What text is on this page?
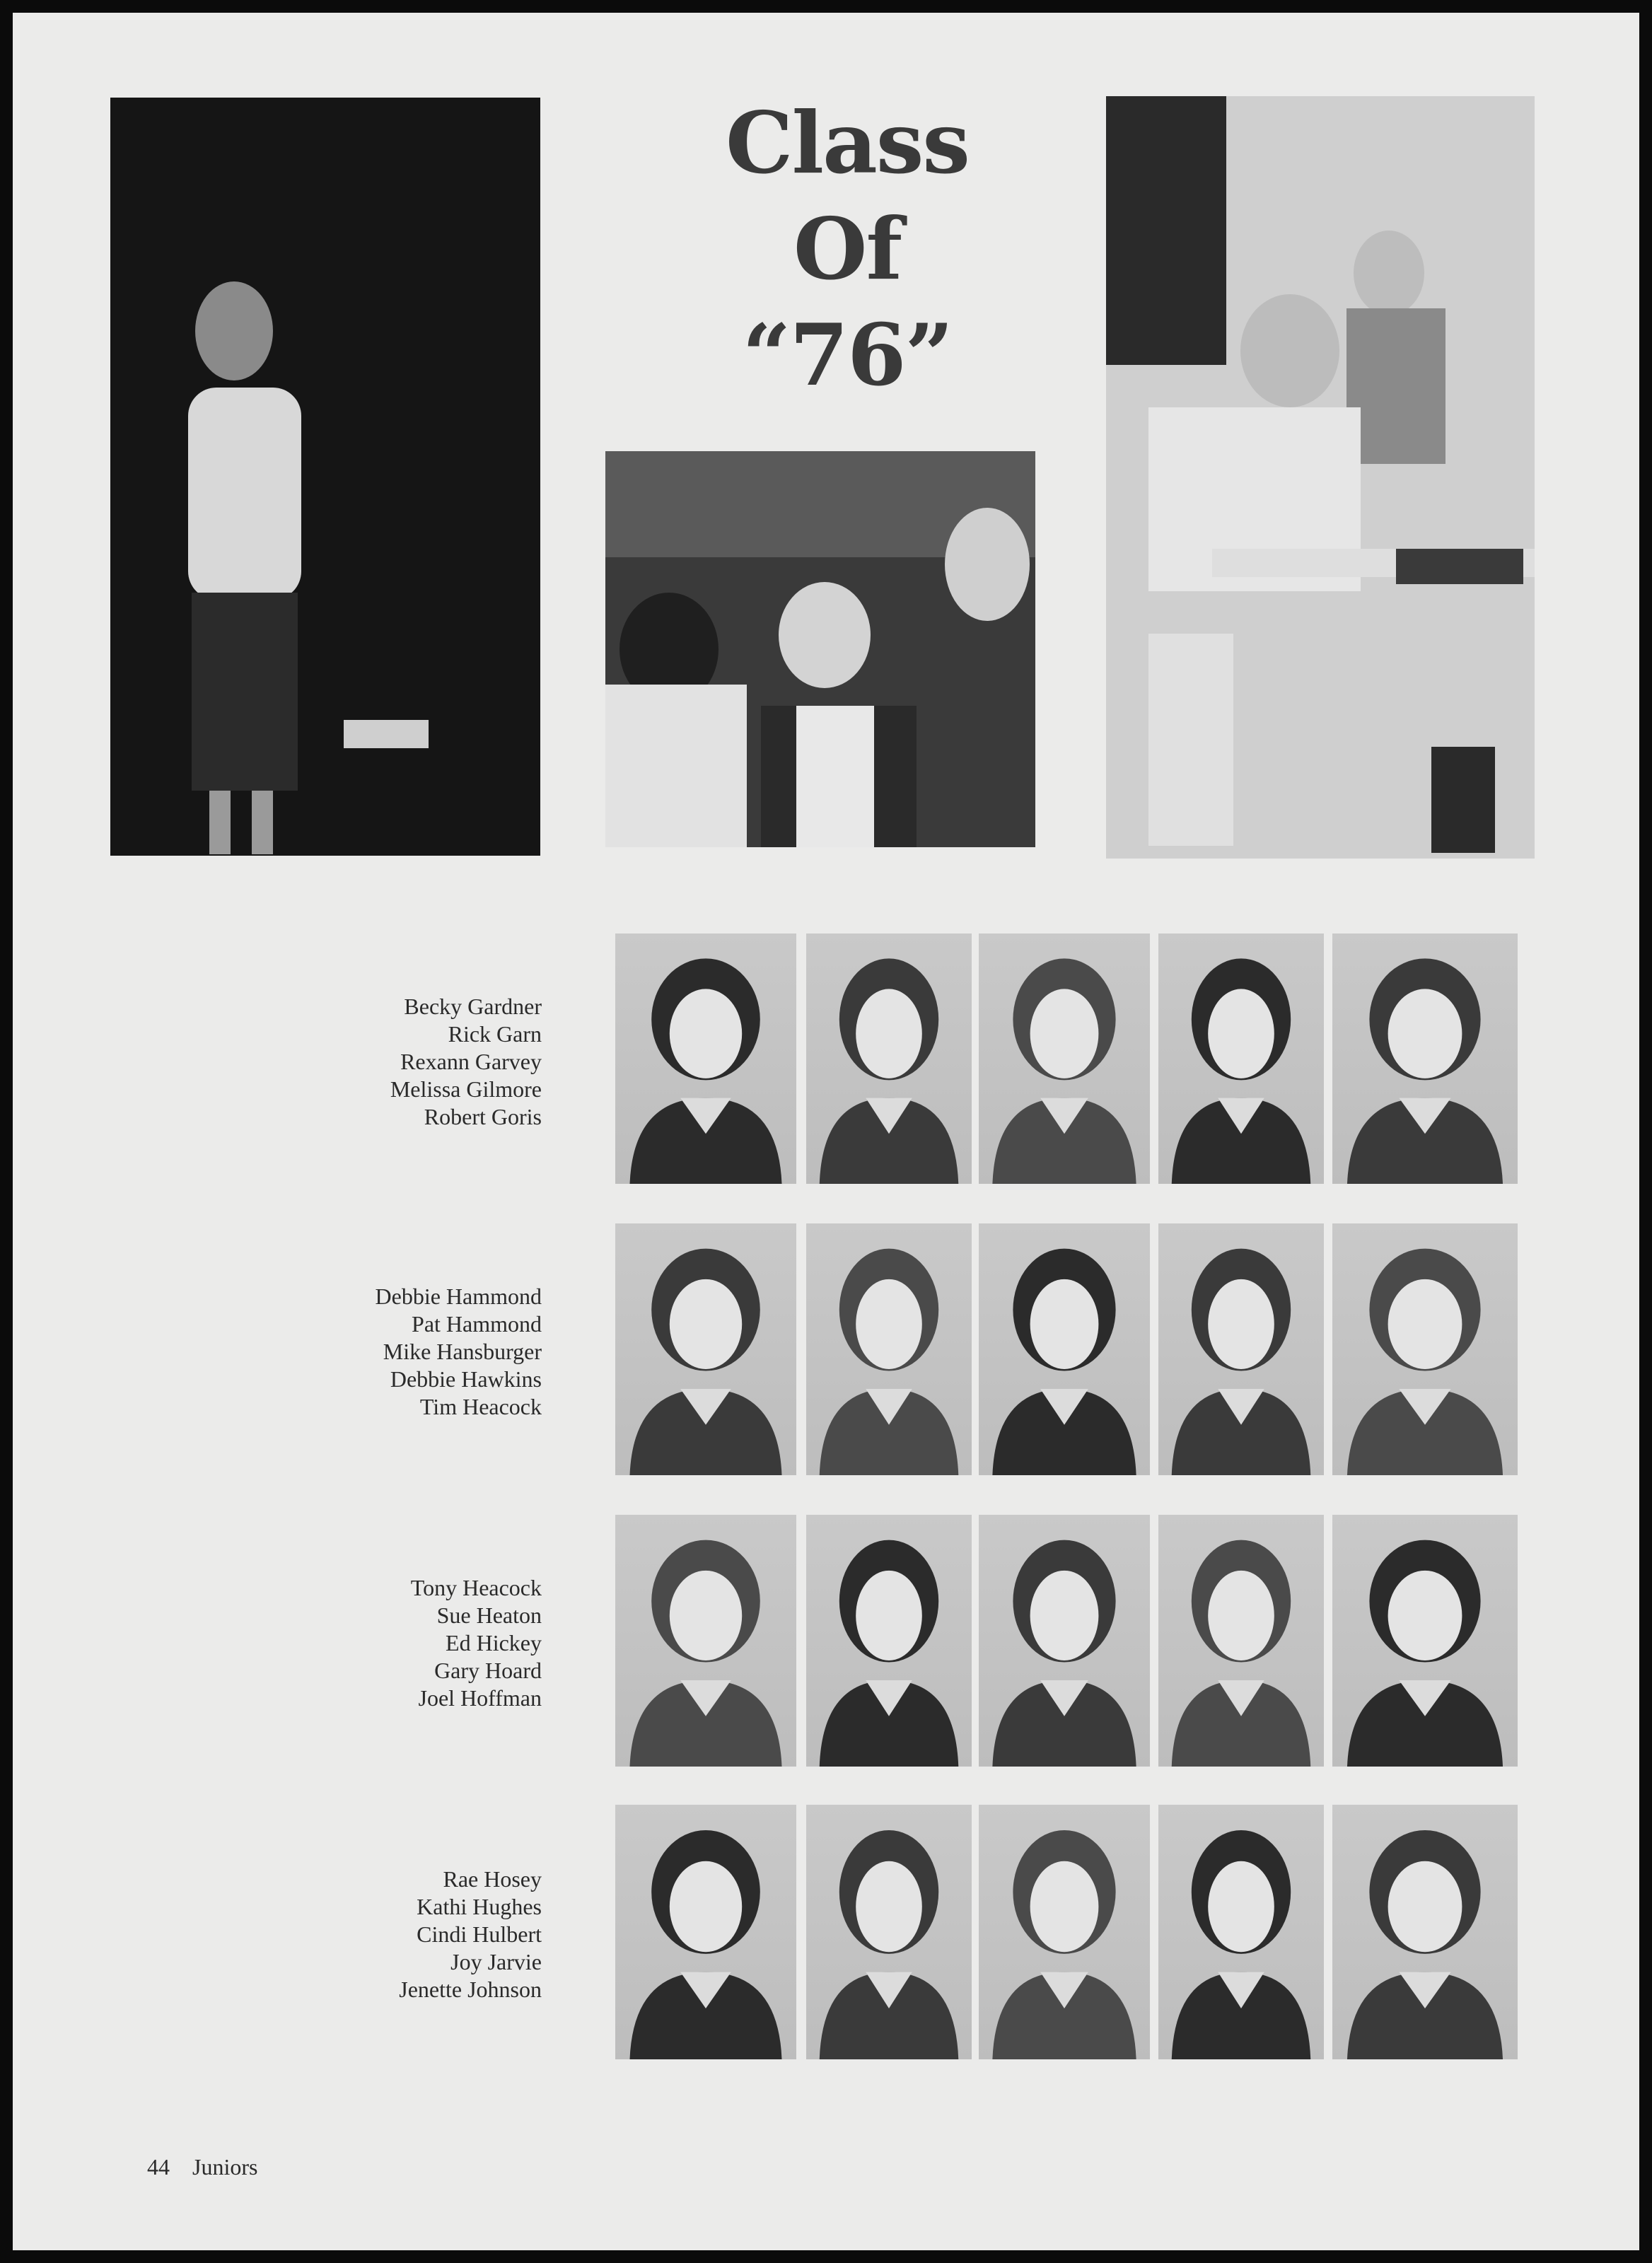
Class
Of
“76”
Becky Gardner
Rick Garn
Rexann Garvey
Melissa Gilmore
Robert Goris
Debbie Hammond
Pat Hammond
Mike Hansburger
Debbie Hawkins
Tim Heacock
Tony Heacock
Sue Heaton
Ed Hickey
Gary Hoard
Joel Hoffman
Rae Hosey
Kathi Hughes
Cindi Hulbert
Joy Jarvie
Jenette Johnson
44 Juniors
